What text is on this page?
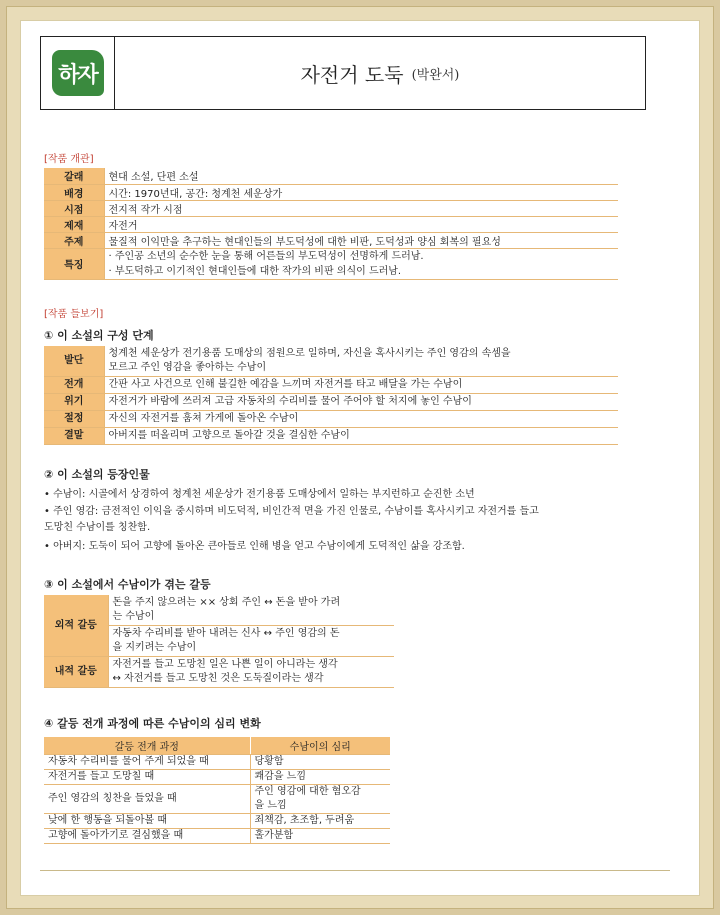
하자	자전거 도둑 (박완서)
[작품 개관]
갈래	현대 소설, 단편 소설
배경	시간: 1970년대, 공간: 청계천 세운상가
시점	전지적 작가 시점
제재	자전거
주제	물질적 이익만을 추구하는 현대인들의 부도덕성에 대한 비판, 도덕성과 양심 회복의 필요성
특징	· 주인공 소년의 순수한 눈을 통해 어른들의 부도덕성이 선명하게 드러남.
· 부도덕하고 이기적인 현대인들에 대한 작가의 비판 의식이 드러남.
[작품 들보기]
① 이 소설의 구성 단계
발단	청계천 세운상가 전기용품 도매상의 점원으로 일하며, 자신을 혹사시키는 주인 영감의 속셈을
모르고 주인 영감을 좋아하는 수남이

전개	간판 사고 사건으로 인해 불길한 예감을 느끼며 자전거를 타고 배달을 가는 수남이

위기	자전거가 바람에 쓰러져 고급 자동차의 수리비를 물어 주어야 할 처지에 놓인 수남이

절정	자신의 자전거를 훔쳐 가게에 돌아온 수남이

결말	아버지를 떠올리며 고향으로 돌아갈 것을 결심한 수남이
② 이 소설의 등장인물
• 수남이: 시골에서 상경하여 청계천 세운상가 전기용품 도매상에서 일하는 부지런하고 순진한 소년
• 주인 영감: 금전적인 이익을 중시하며 비도덕적, 비인간적 면을 가진 인물로, 수남이를 혹사시키고 자전거를 들고
도망친 수남이를 칭찬함.
• 아버지: 도둑이 되어 고향에 돌아온 큰아들로 인해 병을 얻고 수남이에게 도덕적인 삶을 강조함.
③ 이 소설에서 수남이가 겪는 갈등
외적 갈등	돈을 주지 않으려는 ×× 상회 주인 ↔ 돈을 받아 가려
는 수남이

	자동차 수리비를 받아 내려는 신사 ↔ 주인 영감의 돈
을 지키려는 수남이

내적 갈등	자전거를 들고 도망친 일은 나쁜 일이 아니라는 생각
↔ 자전거를 들고 도망친 것은 도둑질이라는 생각
④ 갈등 전개 과정에 따른 수남이의 심리 변화
갈등 전개 과정	수남이의 심리

자동차 수리비를 물어 주게 되었을 때	당황함

자전거를 들고 도망칠 때	쾌감을 느낌

주인 영감의 칭찬을 들었을 때	주인 영감에 대한 혐오감
을 느낌

낮에 한 행동을 되돌아볼 때	죄책감, 초조함, 두려움

고향에 돌아가기로 결심했을 때	홀가분함
